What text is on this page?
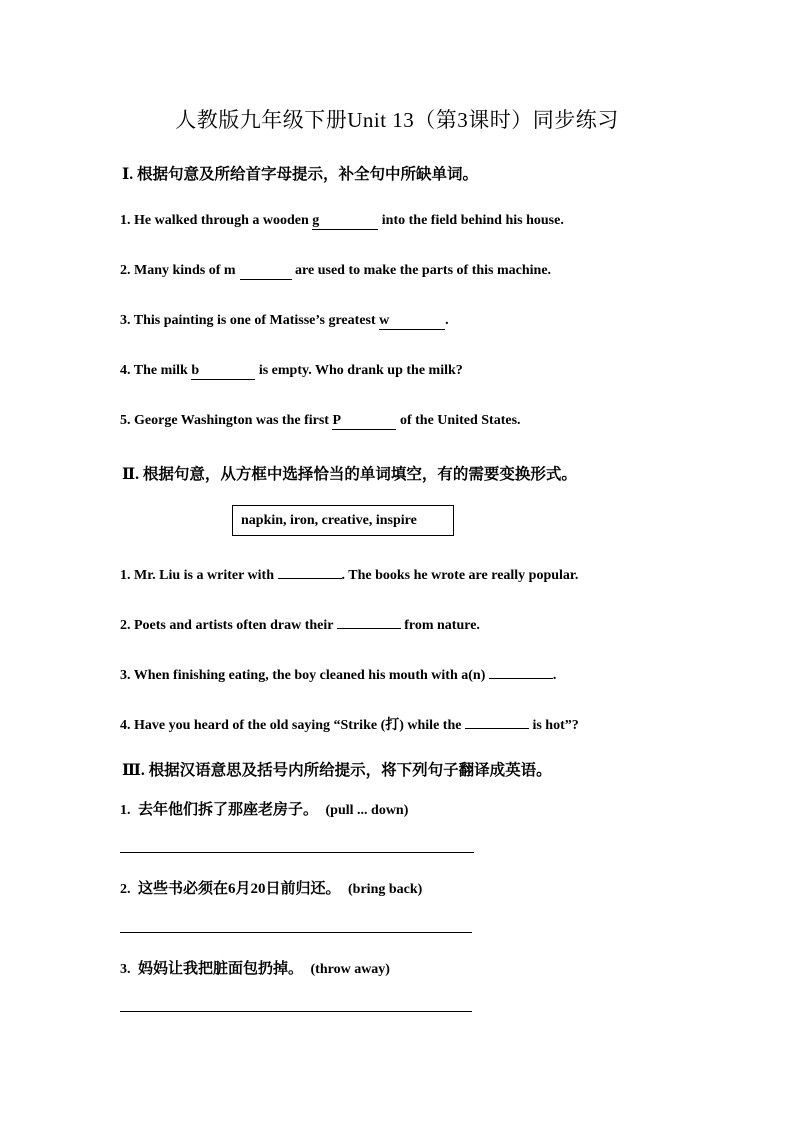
人教版九年级下册Unit 13（第3课时）同步练习
Ⅰ. 根据句意及所给首字母提示，补全句中所缺单词。
1. He walked through a wooden g	into the field behind his house.
2. Many kinds of m	are used to make the parts of this machine.
3. This painting is one of Matisse’s greatest w	.
4. The milk b	is empty. Who drank up the milk?
5. George Washington was the first P	of the United States.
Ⅱ. 根据句意，从方框中选择恰当的单词填空，有的需要变换形式。
napkin, iron, creative, inspire
1. Mr. Liu is a writer with	. The books he wrote are really popular.
2. Poets and artists often draw their	from nature.
3. When finishing eating, the boy cleaned his mouth with a(n)	.
4. Have you heard of the old saying “Strike (打) while the	is hot”?
Ⅲ. 根据汉语意思及括号内所给提示，将下列句子翻译成英语。
1. 去年他们拆了那座老房子。 (pull ... down)
2. 这些书必须在6月20日前归还。 (bring back)
3. 妈妈让我把脏面包扔掉。 (throw away)
